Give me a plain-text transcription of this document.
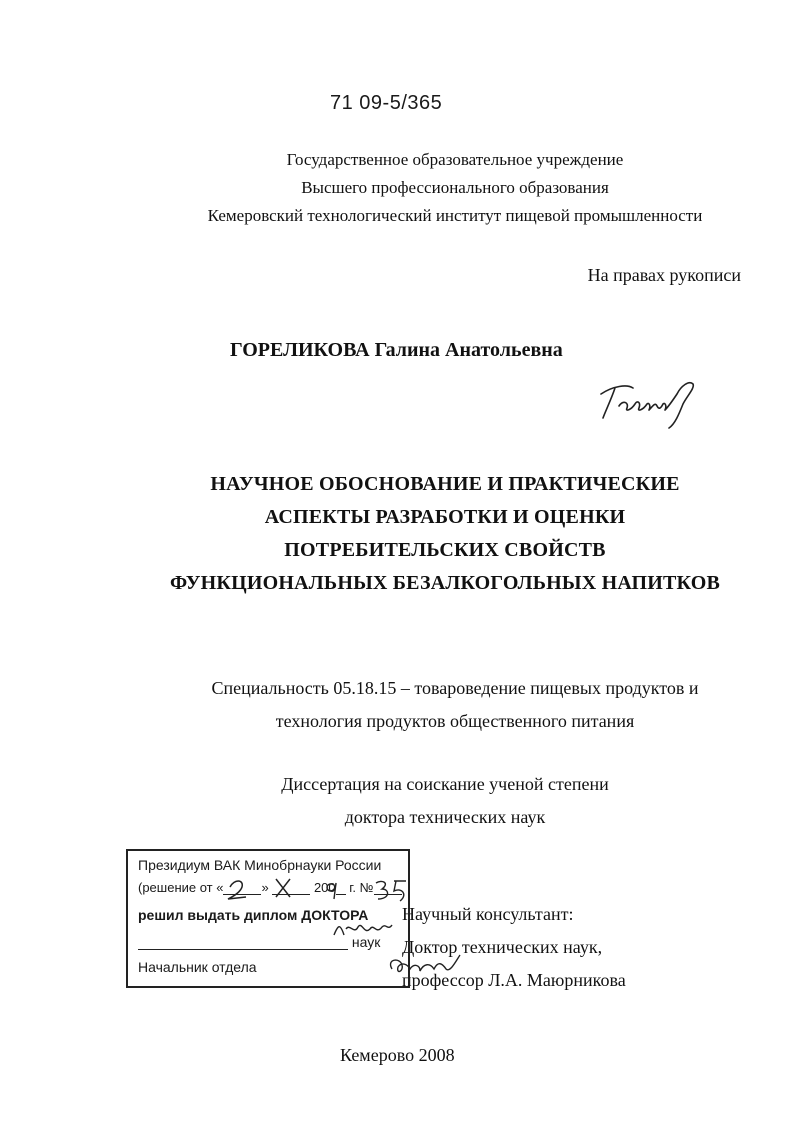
71 09-5/365
Государственное образовательное учреждение
Высшего профессионального образования
Кемеровский технологический институт пищевой промышленности
На правах рукописи
ГОРЕЛИКОВА Галина Анатольевна
НАУЧНОЕ ОБОСНОВАНИЕ И ПРАКТИЧЕСКИЕ
АСПЕКТЫ РАЗРАБОТКИ И ОЦЕНКИ
ПОТРЕБИТЕЛЬСКИХ СВОЙСТВ
ФУНКЦИОНАЛЬНЫХ БЕЗАЛКОГОЛЬНЫХ НАПИТКОВ
Специальность 05.18.15 – товароведение пищевых продуктов и
технология продуктов общественного питания
Диссертация на соискание ученой степени
доктора технических наук
Научный консультант:
Доктор технических наук,
профессор Л.А. Маюрникова
Президиум ВАК Минобрнауки России
(решение от «	»	200 г. №
решил выдать диплом ДОКТОРА
наук
Начальник отдела
Кемерово 2008
